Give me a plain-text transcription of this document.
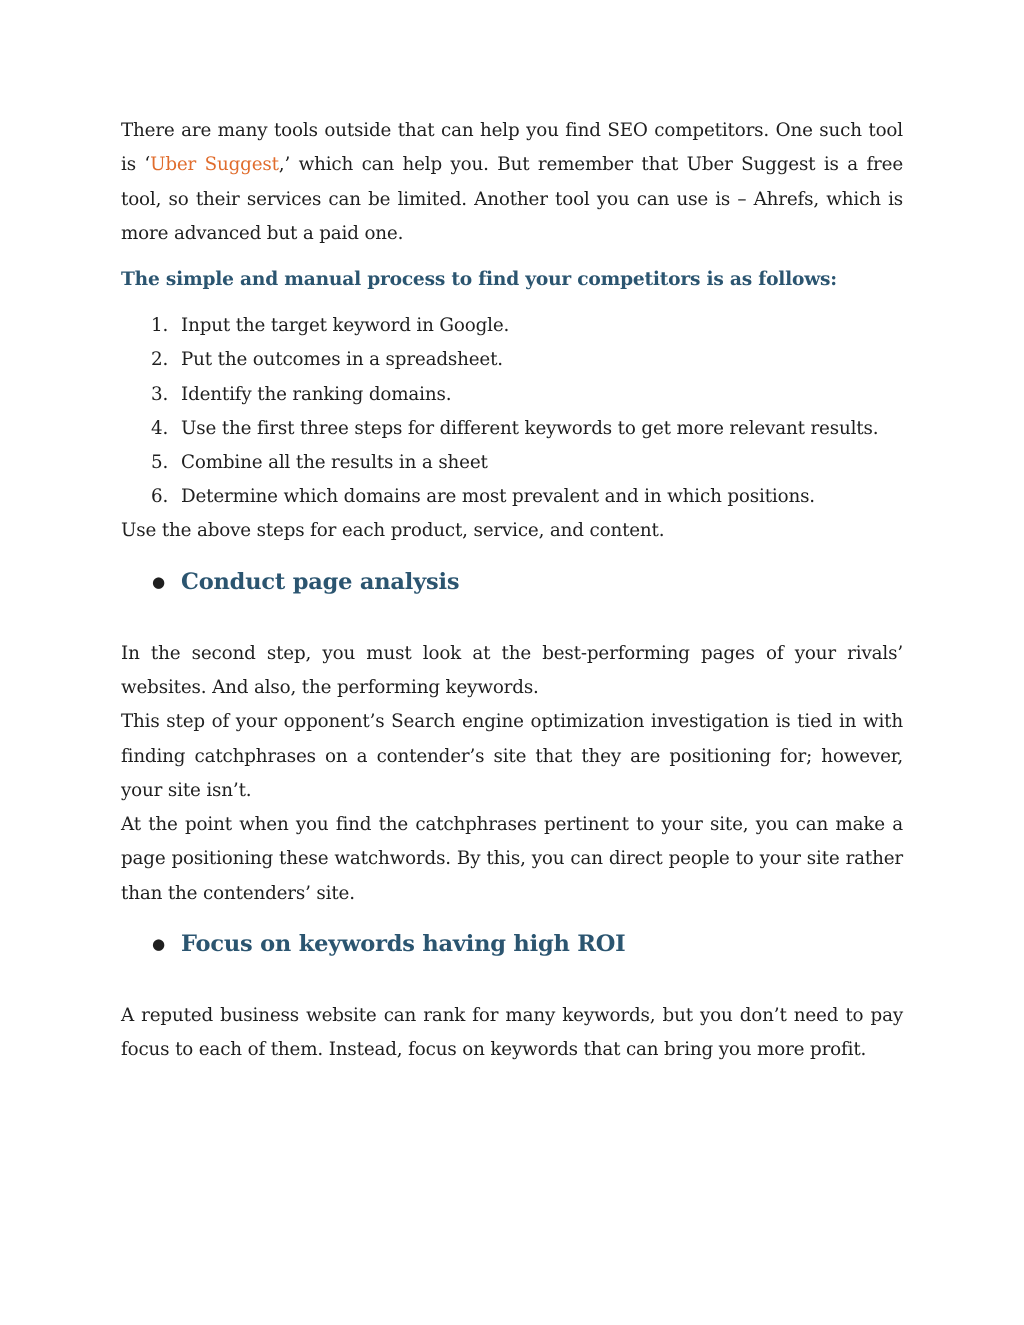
There are many tools outside that can help you find SEO competitors. One such tool is ‘Uber Suggest,’ which can help you. But remember that Uber Suggest is a free tool, so their services can be limited. Another tool you can use is – Ahrefs, which is more advanced but a paid one.

The simple and manual process to find your competitors is as follows:
1. Input the target keyword in Google.
2. Put the outcomes in a spreadsheet.
3. Identify the ranking domains.
4. Use the first three steps for different keywords to get more relevant results.
5. Combine all the results in a sheet
6. Determine which domains are most prevalent and in which positions.

Use the above steps for each product, service, and content.

● Conduct page analysis

In the second step, you must look at the best-performing pages of your rivals’ websites. And also, the performing keywords.

This step of your opponent’s Search engine optimization investigation is tied in with finding catchphrases on a contender’s site that they are positioning for; however, your site isn’t.

At the point when you find the catchphrases pertinent to your site, you can make a page positioning these watchwords. By this, you can direct people to your site rather than the contenders’ site.

● Focus on keywords having high ROI

A reputed business website can rank for many keywords, but you don’t need to pay focus to each of them. Instead, focus on keywords that can bring you more profit.
